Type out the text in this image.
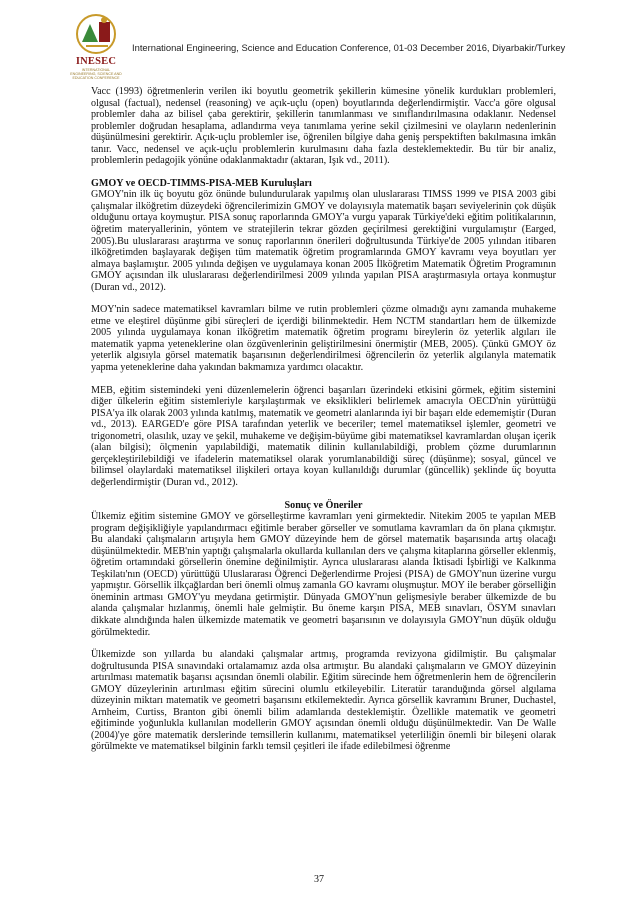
INESEC
INTERNATIONAL ENGINEERING, SCIENCE AND EDUCATION CONFERENCE
International Engineering, Science and Education Conference, 01-03 December 2016, Diyarbakir/Turkey

Vacc (1993) öğretmenlerin verilen iki boyutlu geometrik şekillerin kümesine yönelik kurdukları problemleri, olgusal (factual), nedensel (reasoning) ve açık-uçlu (open) boyutlarında değerlendirmiştir. Vacc'a göre olgusal problemler daha az bilisel çaba gerektirir, şekillerin tanımlanması ve sınıflandırılmasına odaklanır. Nedensel problemler doğrudan hesaplama, adlandırma veya tanımlama yerine sekil çizilmesini ve olayların nedenlerinin düşünülmesini gerektirir. Açık-uçlu problemler ise, öğrenilen bilgiye daha geniş perspektiften bakılmasına imkân tanır. Vacc, nedensel ve açık-uçlu problemlerin kurulmasını daha fazla desteklemektedir. Bu tür bir analiz, problemlerin pedagojik yönüne odaklanmaktadır (aktaran, Işık vd., 2011).

GMOY ve OECD-TIMMS-PISA-MEB Kuruluşları

GMOY'nin ilk üç boyutu göz önünde bulundurularak yapılmış olan uluslararası TIMSS 1999 ve PISA 2003 gibi çalışmalar ilköğretim düzeydeki öğrencilerimizin GMOY ve dolayısıyla matematik başarı seviyelerinin çok düşük olduğunu ortaya koymuştur. PISA sonuç raporlarında GMOY'a vurgu yaparak Türkiye'deki eğitim politikalarının, öğretim materyallerinin, yöntem ve stratejilerin tekrar gözden geçirilmesi gerektiğini vurgulamıştır (Earged, 2005).Bu uluslararası araştırma ve sonuç raporlarının önerileri doğrultusunda Türkiye'de 2005 yılından itibaren ilköğretimden başlayarak değişen tüm matematik öğretim programlarında GMOY kavramı veya boyutları yer almaya başlamıştır. 2005 yılında değişen ve uygulamaya konan 2005 İlköğretim Matematik Öğretim Programının GMOY açısından ilk uluslararası değerlendirilmesi 2009 yılında yapılan PISA araştırmasıyla ortaya konmuştur (Duran vd., 2012).

MOY'nin sadece matematiksel kavramları bilme ve rutin problemleri çözme olmadığı aynı zamanda muhakeme etme ve eleştirel düşünme gibi süreçleri de içerdiği bilinmektedir. Hem NCTM standartları hem de ülkemizde 2005 yılında uygulamaya konan ilköğretim matematik öğretim programı bireylerin öz yeterlik algıları ile matematik yapma yeteneklerine olan özgüvenlerinin geliştirilmesini önermiştir (MEB, 2005). Çünkü GMOY öz yeterlik algısıyla görsel matematik başarısının değerlendirilmesi öğrencilerin öz yeterlik algılanyla matematik yapma yeteneklerine daha yakından bakmamıza yardımcı olacaktır.

MEB, eğitim sistemindeki yeni düzenlemelerin öğrenci başarıları üzerindeki etkisini görmek, eğitim sistemini diğer ülkelerin eğitim sistemleriyle karşılaştırmak ve eksiklikleri belirlemek amacıyla OECD'nin yürüttüğü PISA'ya ilk olarak 2003 yılında katılmış, matematik ve geometri alanlarında iyi bir başarı elde edememiştir (Duran vd., 2013). EARGED'e göre PISA tarafından yeterlik ve beceriler; temel matematiksel işlemler, geometri ve trigonometri, olasılık, uzay ve şekil, muhakeme ve değişim-büyüme gibi matematiksel kavramlardan oluşan içerik (alan bilgisi); ölçmenin yapılabildiği, matematik dilinin kullanılabildiği, problem çözme durumlarının gerçekleştirilebildiği ve ifadelerin matematiksel olarak yorumlanabildiği süreç (düşünme); sosyal, güncel ve bilimsel olaylardaki matematiksel ilişkileri ortaya koyan kullanıldığı durumlar (güncellik) şeklinde üç boyutta değerlendirmiştir (Duran vd., 2012).

Sonuç ve Öneriler

Ülkemiz eğitim sistemine GMOY ve görselleştirme kavramları yeni girmektedir. Nitekim 2005 te yapılan MEB program değişikliğiyle yapılandırmacı eğitimle beraber görseller ve somutlama kavramları da ön plana çıkmıştır. Bu alandaki çalışmaların artışıyla hem GMOY düzeyinde hem de görsel matematik başarısında artış olacağı düşünülmektedir. MEB'nin yaptığı çalışmalarla okullarda kullanılan ders ve çalışma kitaplarına görseller eklenmiş, öğretim ortamındaki görsellerin önemine değinilmiştir. Ayrıca uluslararası alanda İktisadi İşbirliği ve Kalkınma Teşkilatı'nın (OECD) yürüttüğü Uluslararası Öğrenci Değerlendirme Projesi (PISA) de GMOY'nun üzerine vurgu yapmıştır. Görsellik ilkçağlardan beri önemli olmuş zamanla GO kavramı oluşmuştur. MOY ile beraber görselliğin öneminin artması GMOY'yu meydana getirmiştir. Dünyada GMOY'nun gelişmesiyle beraber ülkemizde de bu alanda çalışmalar hızlanmış, önemli hale gelmiştir. Bu öneme karşın PISA, MEB sınavları, ÖSYM sınavları dikkate alındığında halen ülkemizde matematik ve geometri başarısının ve dolayısıyla GMOY'nun düşük olduğu görülmektedir.

Ülkemizde son yıllarda bu alandaki çalışmalar artmış, programda revizyona gidilmiştir. Bu çalışmalar doğrultusunda PISA sınavındaki ortalamamız azda olsa artmıştır. Bu alandaki çalışmaların ve GMOY düzeyinin artırılması matematik başarısı açısından önemli olabilir. Eğitim sürecinde hem öğretmenlerin hem de öğrencilerin GMOY düzeylerinin artırılması eğitim sürecini olumlu etkileyebilir. Literatür taranduğında görsel algılama düzeyinin miktarı matematik ve geometri başarısını etkilemektedir. Ayrıca görsellik kavramını Bruner, Duchastel, Arnheim, Curtiss, Branton gibi önemli bilim adamlarıda desteklemiştir. Özellikle matematik ve geometri eğitiminde yoğunlukla kullanılan modellerin GMOY açısından önemli olduğu düşünülmektedir. Van De Walle (2004)'ye göre matematik derslerinde temsillerin kullanımı, matematiksel yeterliliğin önemli bir bileşeni olarak görülmekte ve matematiksel bilginin farklı temsil çeşitleri ile ifade edilebilmesi öğrenme

37
